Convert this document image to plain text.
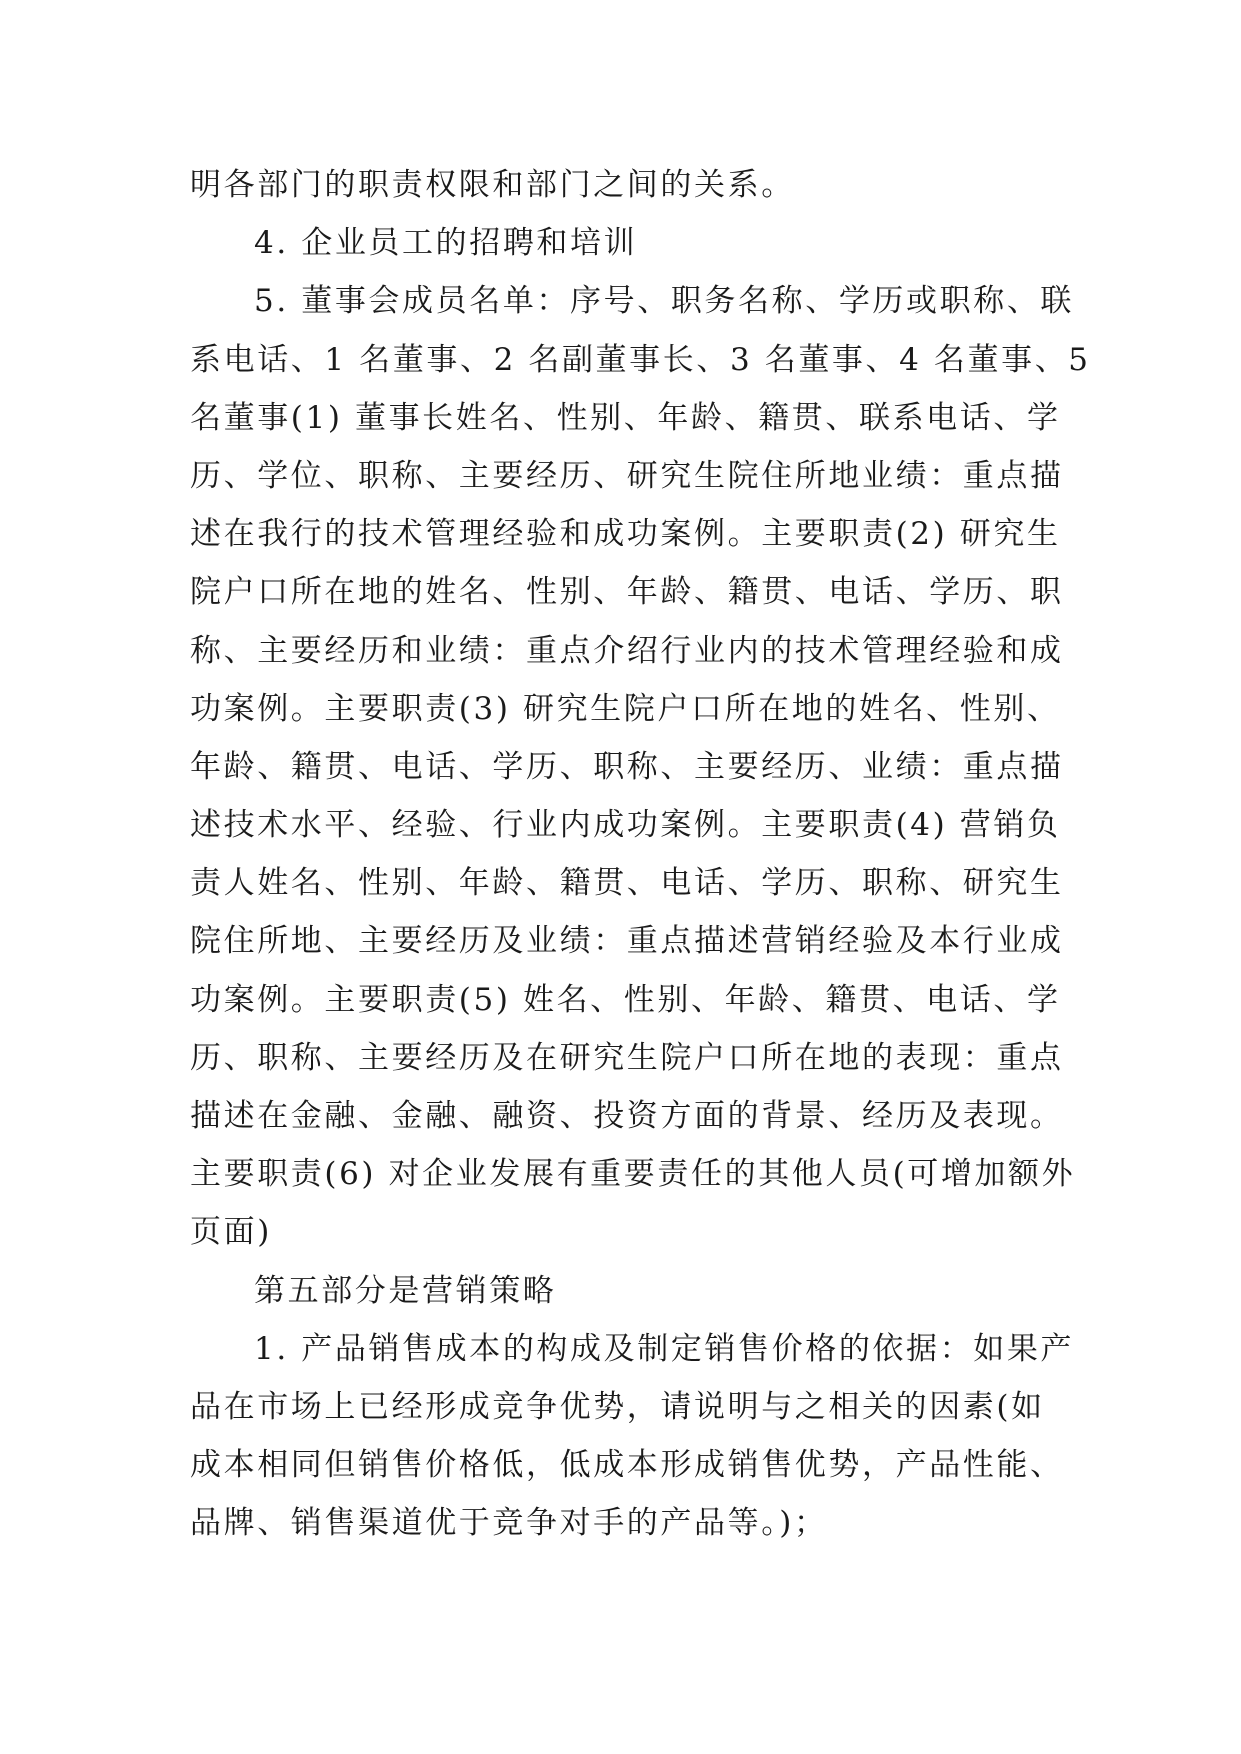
明各部门的职责权限和部门之间的关系。
4. 企业员工的招聘和培训
5. 董事会成员名单：序号、职务名称、学历或职称、联
系电话、1 名董事、2 名副董事长、3 名董事、4 名董事、5
名董事(1) 董事长姓名、性别、年龄、籍贯、联系电话、学
历、学位、职称、主要经历、研究生院住所地业绩：重点描
述在我行的技术管理经验和成功案例。主要职责(2) 研究生
院户口所在地的姓名、性别、年龄、籍贯、电话、学历、职
称、主要经历和业绩：重点介绍行业内的技术管理经验和成
功案例。主要职责(3) 研究生院户口所在地的姓名、性别、
年龄、籍贯、电话、学历、职称、主要经历、业绩：重点描
述技术水平、经验、行业内成功案例。主要职责(4) 营销负
责人姓名、性别、年龄、籍贯、电话、学历、职称、研究生
院住所地、主要经历及业绩：重点描述营销经验及本行业成
功案例。主要职责(5) 姓名、性别、年龄、籍贯、电话、学
历、职称、主要经历及在研究生院户口所在地的表现：重点
描述在金融、金融、融资、投资方面的背景、经历及表现。
主要职责(6) 对企业发展有重要责任的其他人员(可增加额外
页面)
第五部分是营销策略
1. 产品销售成本的构成及制定销售价格的依据：如果产
品在市场上已经形成竞争优势，请说明与之相关的因素(如
成本相同但销售价格低，低成本形成销售优势，产品性能、
品牌、销售渠道优于竞争对手的产品等。)；
